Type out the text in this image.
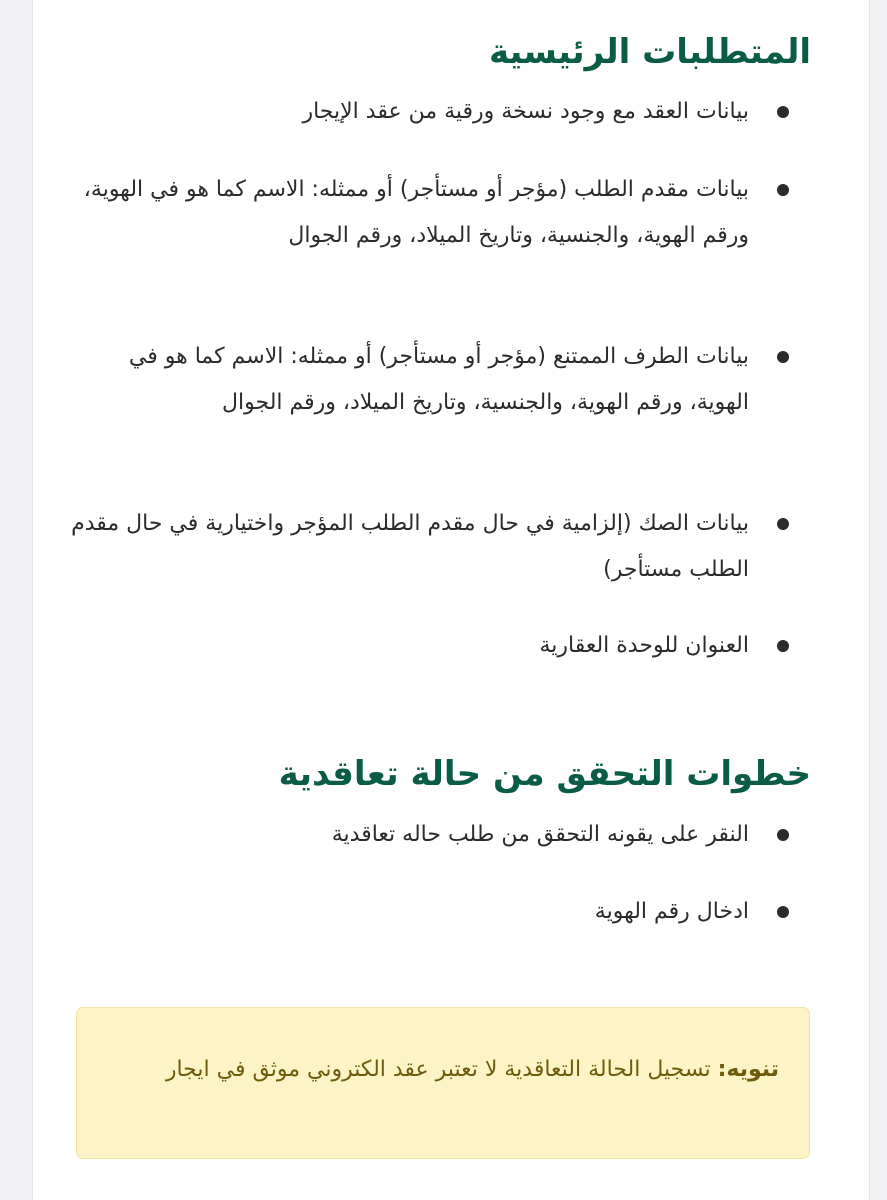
المتطلبات الرئيسية
بيانات العقد مع وجود نسخة ورقية من عقد الإيجار
بيانات مقدم الطلب (مؤجر أو مستأجر) أو ممثله: الاسم كما هو في الهوية، ورقم الهوية، والجنسية، وتاريخ الميلاد، ورقم الجوال
بيانات الطرف الممتنع (مؤجر أو مستأجر) أو ممثله: الاسم كما هو في الهوية، ورقم الهوية، والجنسية، وتاريخ الميلاد، ورقم الجوال
بيانات الصك (إلزامية في حال مقدم الطلب المؤجر واختيارية في حال مقدم الطلب مستأجر)
العنوان للوحدة العقارية
خطوات التحقق من حالة تعاقدية
النقر على يقونه التحقق من طلب حاله تعاقدية
ادخال رقم الهوية
تنويه: تسجيل الحالة التعاقدية لا تعتبر عقد الكتروني موثق في ايجار
